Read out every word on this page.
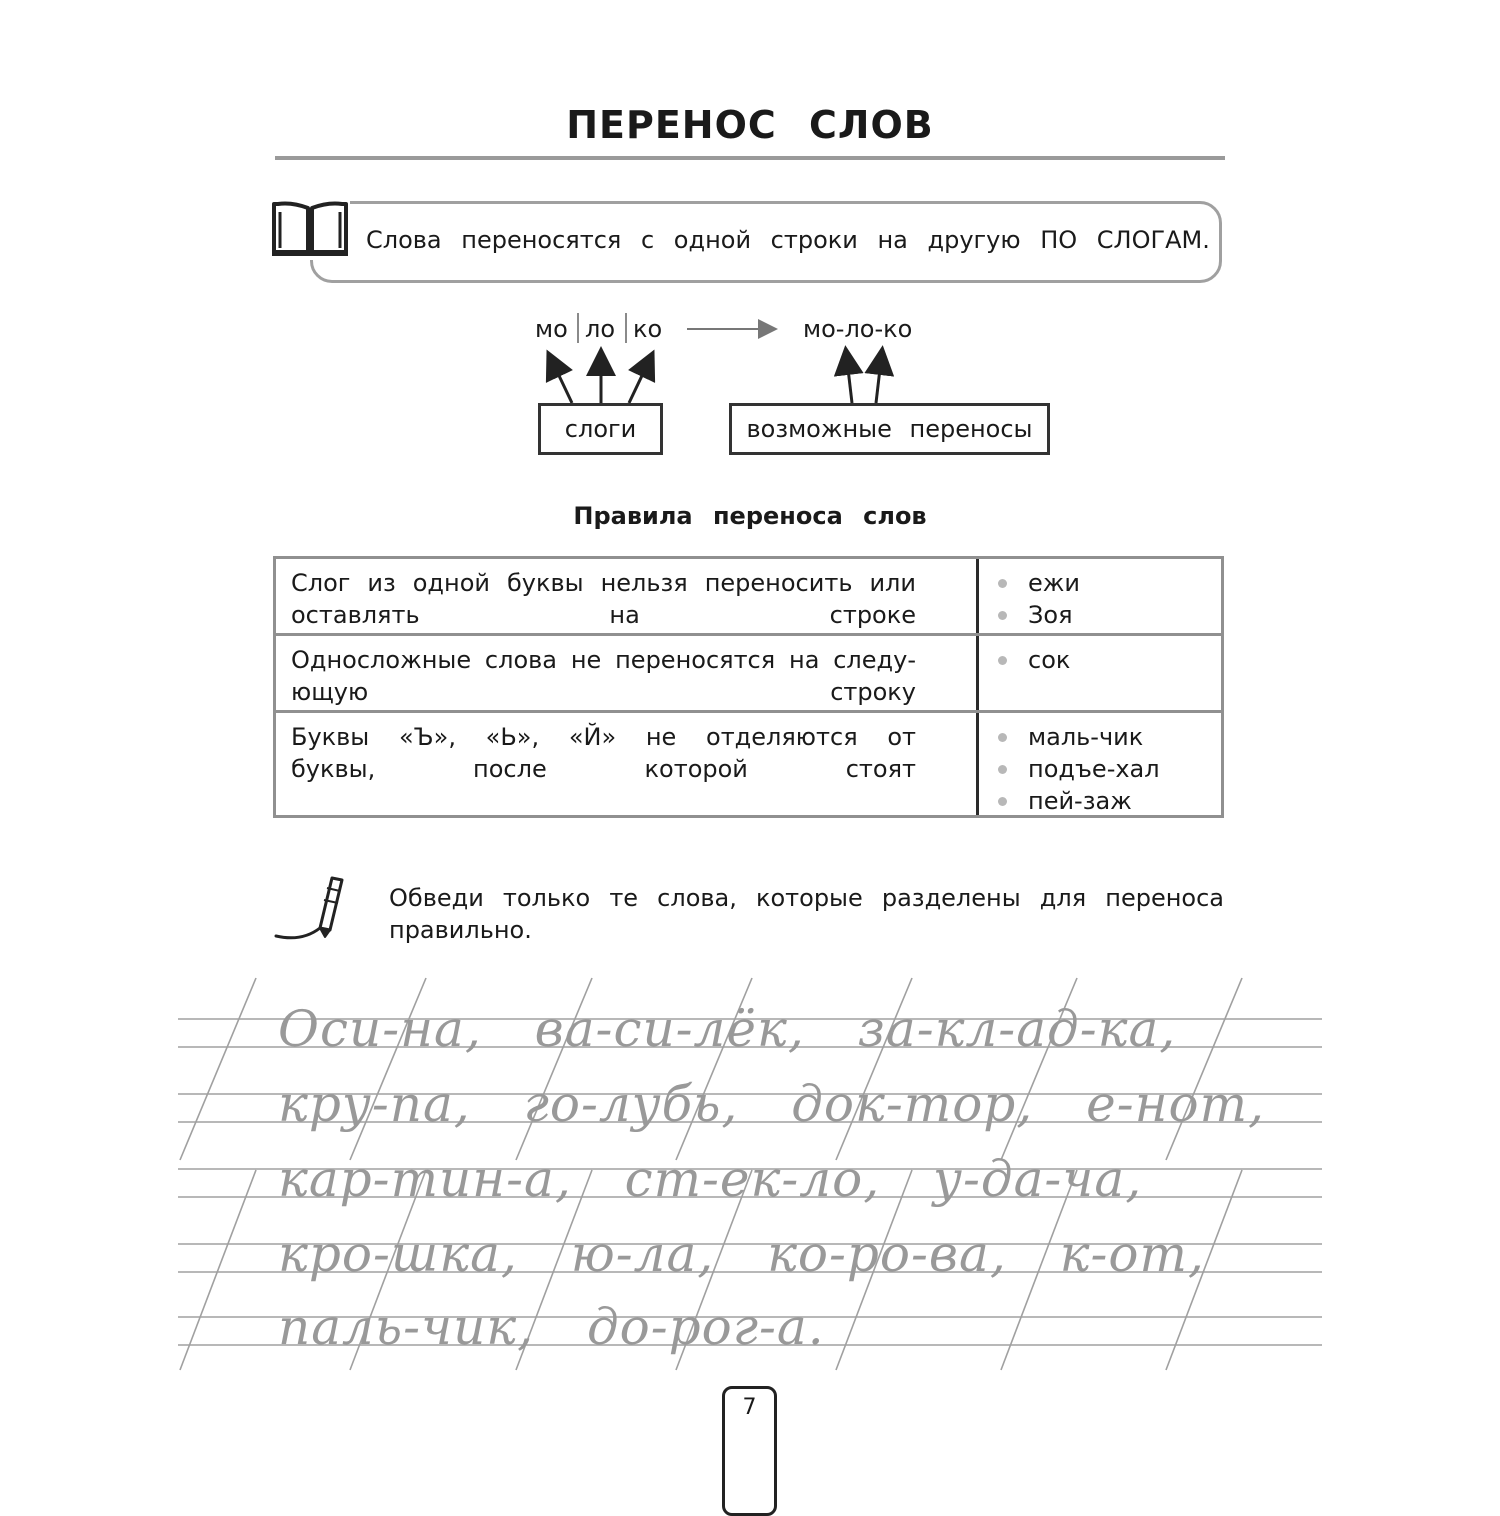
ПЕРЕНОС СЛОВ
Слова переносятся с одной строки на другую ПО СЛОГАМ.
мо ло ко	мо-ло-ко
слоги	возможные переносы
Правила переноса слов
Слог из одной буквы нельзя переносить или оставлять на строке
ежи
Зоя
Односложные слова не переносятся на следу-ющую строку
сок
Буквы «Ъ», «Ь», «Й» не отделяются от буквы, после которой стоят
маль-чик
подъе-хал
пей-заж
Обведи только те слова, которые разделены для переноса правильно.
Оси-на, ва-си-лёк, за-кл-ад-ка,
кру-па, го-лубь, док-тор, е-нот,
кар-тин-а, ст-ек-ло, у-да-ча,
кро-шка, ю-ла, ко-ро-ва, к-от,
паль-чик, до-рог-а.
7
